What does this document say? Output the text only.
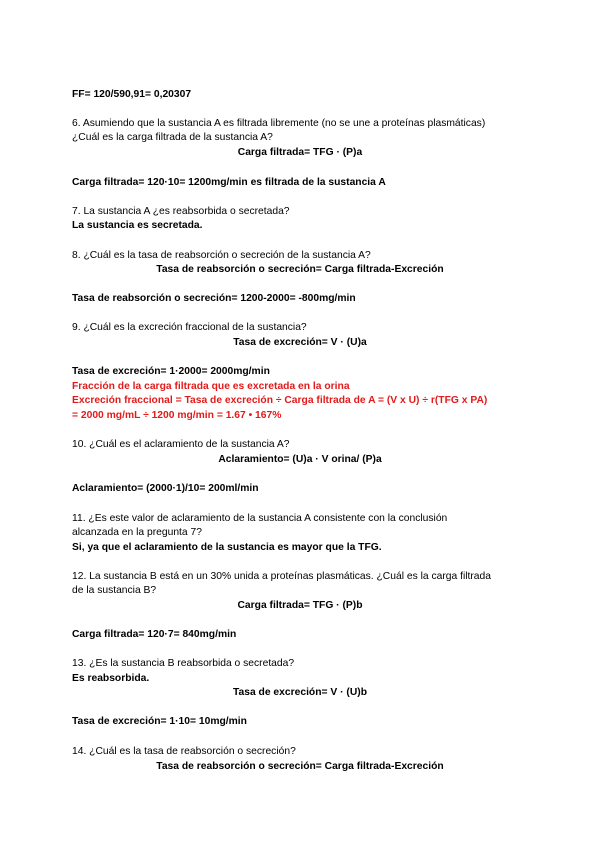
FF= 120/590,91= 0,20307
6. Asumiendo que la sustancia A es filtrada libremente (no se une a proteínas plasmáticas)
¿Cuál es la carga filtrada de la sustancia A?
Carga filtrada= TFG · (P)a
Carga filtrada= 120·10= 1200mg/min es filtrada de la sustancia A
7. La sustancia A ¿es reabsorbida o secretada?
La sustancia es secretada.
8. ¿Cuál es la tasa de reabsorción o secreción de la sustancia A?
Tasa de reabsorción o secreción= Carga filtrada-Excreción
Tasa de reabsorción o secreción= 1200-2000= -800mg/min
9. ¿Cuál es la excreción fraccional de la sustancia?
Tasa de excreción= V · (U)a
Tasa de excreción= 1·2000= 2000mg/min
Fracción de la carga filtrada que es excretada en la orina
Excreción fraccional = Tasa de excreción ÷ Carga filtrada de A = (V x U) ÷ r(TFG x PA)
= 2000 mg/mL ÷ 1200 mg/min = 1.67 • 167%
10. ¿Cuál es el aclaramiento de la sustancia A?
Aclaramiento= (U)a · V orina/ (P)a
Aclaramiento= (2000·1)/10= 200ml/min
11. ¿Es este valor de aclaramiento de la sustancia A consistente con la conclusión
alcanzada en la pregunta 7?
Si, ya que el aclaramiento de la sustancia es mayor que la TFG.
12. La sustancia B está en un 30% unida a proteínas plasmáticas. ¿Cuál es la carga filtrada
de la sustancia B?
Carga filtrada= TFG · (P)b
Carga filtrada= 120·7= 840mg/min
13. ¿Es la sustancia B reabsorbida o secretada?
Es reabsorbida.
Tasa de excreción= V · (U)b
Tasa de excreción= 1·10= 10mg/min
14. ¿Cuál es la tasa de reabsorción o secreción?
Tasa de reabsorción o secreción= Carga filtrada-Excreción
